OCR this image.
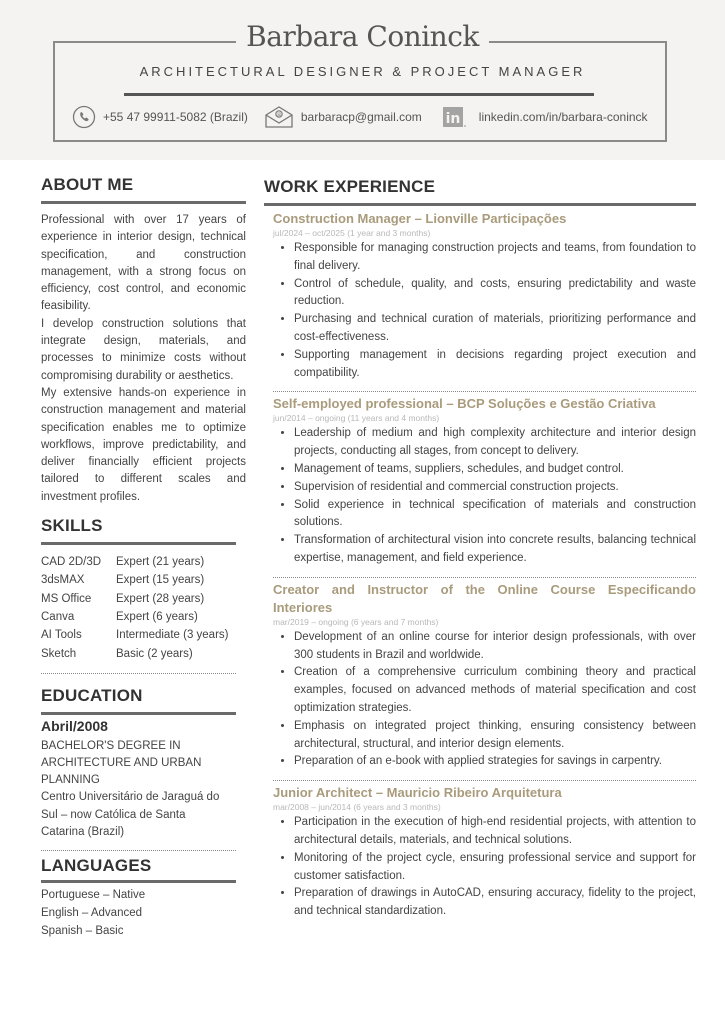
Barbara Coninck
ARCHITECTURAL DESIGNER & PROJECT MANAGER
+55 47 99911-5082 (Brazil)	@ barbaracp@gmail.com in linkedin.com/in/barbara-coninck
ABOUT ME

Professional with over 17 years of experience in interior design, technical specification, and construction management, with a strong focus on efficiency, cost control, and economic feasibility.

I develop construction solutions that integrate design, materials, and processes to minimize costs without compromising durability or aesthetics.

My extensive hands-on experience in construction management and material specification enables me to optimize workflows, improve predictability, and deliver financially efficient projects tailored to different scales and investment profiles.

SKILLS
CAD 2D/3D	Expert (21 years)
3dsMAX	Expert (15 years)
MS Office	Expert (28 years)
Canva	Expert (6 years)
AI Tools	Intermediate (3 years)
Sketch	Basic (2 years)
EDUCATION
Abril/2008
BACHELOR'S DEGREE IN ARCHITECTURE AND URBAN PLANNING
Centro Universitário de Jaraguá do Sul – now Católica de Santa Catarina (Brazil)
LANGUAGES
Portuguese – Native
English – Advanced
Spanish – Basic
WORK EXPERIENCE
Construction Manager – Lionville Participações
jul/2024 – oct/2025 (1 year and 3 months)
• Responsible for managing construction projects and teams, from foundation to final delivery.
• Control of schedule, quality, and costs, ensuring predictability and waste reduction.
• Purchasing and technical curation of materials, prioritizing performance and cost-effectiveness.
• Supporting management in decisions regarding project execution and compatibility.
Self-employed professional – BCP Soluções e Gestão Criativa
jun/2014 – ongoing (11 years and 4 months)
• Leadership of medium and high complexity architecture and interior design projects, conducting all stages, from concept to delivery.
• Management of teams, suppliers, schedules, and budget control.
• Supervision of residential and commercial construction projects.
• Solid experience in technical specification of materials and construction solutions.
• Transformation of architectural vision into concrete results, balancing technical expertise, management, and field experience.
Creator and Instructor of the Online Course Especificando Interiores
mar/2019 – ongoing (6 years and 7 months)
• Development of an online course for interior design professionals, with over 300 students in Brazil and worldwide.
• Creation of a comprehensive curriculum combining theory and practical examples, focused on advanced methods of material specification and cost optimization strategies.
• Emphasis on integrated project thinking, ensuring consistency between architectural, structural, and interior design elements.
• Preparation of an e-book with applied strategies for savings in carpentry.
Junior Architect – Mauricio Ribeiro Arquitetura
mar/2008 – jun/2014 (6 years and 3 months)
• Participation in the execution of high-end residential projects, with attention to architectural details, materials, and technical solutions.
• Monitoring of the project cycle, ensuring professional service and support for customer satisfaction.
• Preparation of drawings in AutoCAD, ensuring accuracy, fidelity to the project, and technical standardization.
